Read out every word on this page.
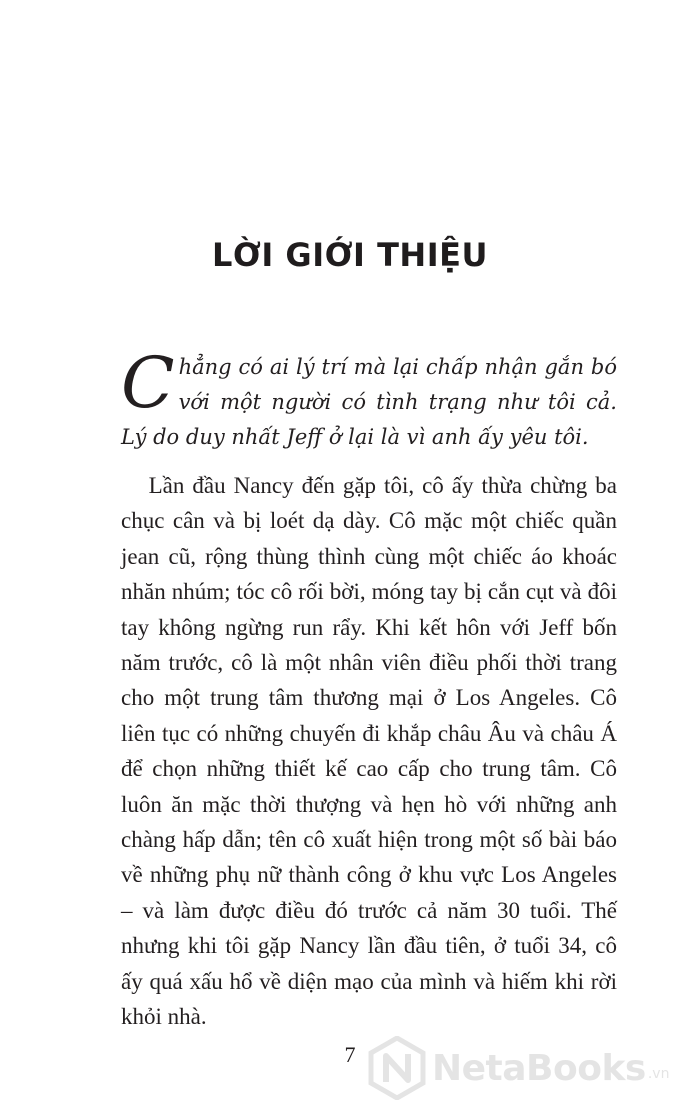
LỜI GIỚI THIỆU

Chẳng có ai lý trí mà lại chấp nhận gắn bó với một người có tình trạng như tôi cả. Lý do duy nhất Jeff ở lại là vì anh ấy yêu tôi.

Lần đầu Nancy đến gặp tôi, cô ấy thừa chừng ba chục cân và bị loét dạ dày. Cô mặc một chiếc quần jean cũ, rộng thùng thình cùng một chiếc áo khoác nhăn nhúm; tóc cô rối bời, móng tay bị cắn cụt và đôi tay không ngừng run rẩy. Khi kết hôn với Jeff bốn năm trước, cô là một nhân viên điều phối thời trang cho một trung tâm thương mại ở Los Angeles. Cô liên tục có những chuyến đi khắp châu Âu và châu Á để chọn những thiết kế cao cấp cho trung tâm. Cô luôn ăn mặc thời thượng và hẹn hò với những anh chàng hấp dẫn; tên cô xuất hiện trong một số bài báo về những phụ nữ thành công ở khu vực Los Angeles – và làm được điều đó trước cả năm 30 tuổi. Thế nhưng khi tôi gặp Nancy lần đầu tiên, ở tuổi 34, cô ấy quá xấu hổ về diện mạo của mình và hiếm khi rời khỏi nhà.

7	NetaBooks .vn
